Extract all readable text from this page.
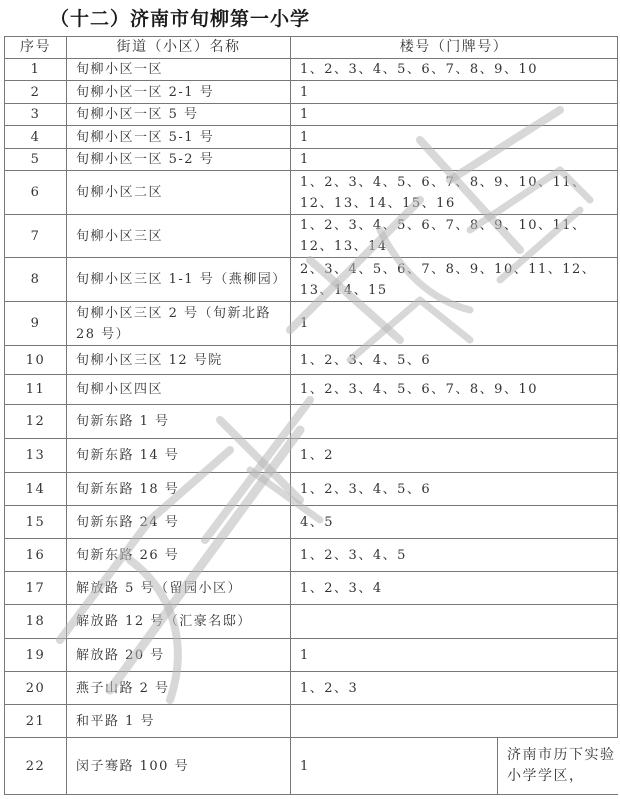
（十二）济南市旬柳第一小学
序号	街道（小区）名称	楼号（门牌号）	
1	旬柳小区一区	1、2、3、4、5、6、7、8、9、10	
2	旬柳小区一区 2-1 号	1	
3	旬柳小区一区 5 号	1	
4	旬柳小区一区 5-1 号	1	
5	旬柳小区一区 5-2 号	1	
6	旬柳小区二区	1、2、3、4、5、6、7、8、9、10、11、12、13、14、15、16	
7	旬柳小区三区	1、2、3、4、5、6、7、8、9、10、11、12、13、14	
8	旬柳小区三区 1-1 号（燕柳园）	2、3、4、5、6、7、8、9、10、11、12、13、14、15	
9	旬柳小区三区 2 号（旬新北路 28 号）	1	
10	旬柳小区三区 12 号院	1、2、3、4、5、6	
11	旬柳小区四区	1、2、3、4、5、6、7、8、9、10	
12	旬新东路 1 号		
13	旬新东路 14 号	1、2	
14	旬新东路 18 号	1、2、3、4、5、6	
15	旬新东路 24 号	4、5	
16	旬新东路 26 号	1、2、3、4、5	
17	解放路 5 号（留园小区）	1、2、3、4	
18	解放路 12 号（汇豪名邸）		
19	解放路 20 号	1	
20	燕子山路 2 号	1、2、3	
21	和平路 1 号		
22	闵子骞路 100 号	1	济南市历下实验小学学区，
